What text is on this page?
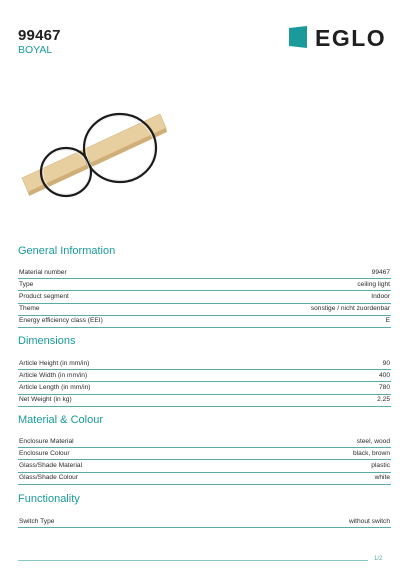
99467
BOYAL	EGLO
General Information
Material number	99467
Type	ceiling light
Product segment	Indoor
Theme	sonstige / nicht zuordenbar
Energy efficiency class (EEI)	E
Dimensions
Article Height (in mm/in)	90
Article Width (in mm/in)	400
Article Length (in mm/in)	780
Net Weight (in kg)	2.25
Material & Colour
Enclosure Material	steel, wood
Enclosure Colour	black, brown
Glass/Shade Material	plastic
Glass/Shade Colour	white
Functionality
Switch Type	without switch
1/2
